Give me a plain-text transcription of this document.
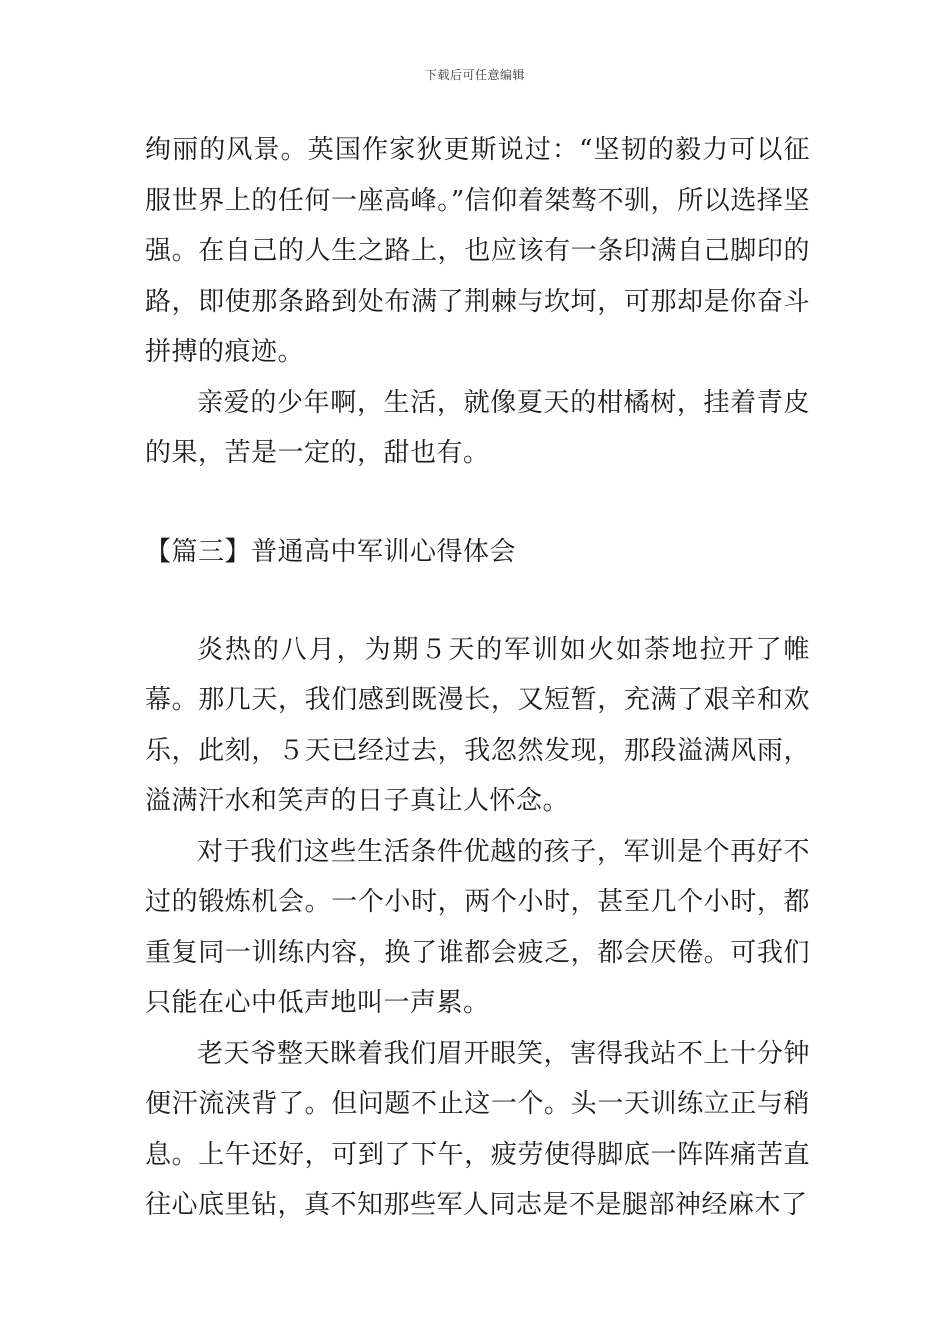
下载后可任意编辑

绚丽的风景。英国作家狄更斯说过：“坚韧的毅力可以征服世界上的任何一座高峰。”信仰着桀骜不驯，所以选择坚强。在自己的人生之路上，也应该有一条印满自己脚印的路，即使那条路到处布满了荆棘与坎坷，可那却是你奋斗拼搏的痕迹。

亲爱的少年啊，生活，就像夏天的柑橘树，挂着青皮的果，苦是一定的，甜也有。

【篇三】普通高中军训心得体会

炎热的八月，为期５天的军训如火如荼地拉开了帷幕。那几天，我们感到既漫长，又短暂，充满了艰辛和欢乐，此刻，５天已经过去，我忽然发现，那段溢满风雨，溢满汗水和笑声的日子真让人怀念。

对于我们这些生活条件优越的孩子，军训是个再好不过的锻炼机会。一个小时，两个小时，甚至几个小时，都重复同一训练内容，换了谁都会疲乏，都会厌倦。可我们只能在心中低声地叫一声累。

老天爷整天眯着我们眉开眼笑，害得我站不上十分钟便汗流浃背了。但问题不止这一个。头一天训练立正与稍息。上午还好，可到了下午，疲劳使得脚底一阵阵痛苦直往心底里钻，真不知那些军人同志是不是腿部神经麻木了
